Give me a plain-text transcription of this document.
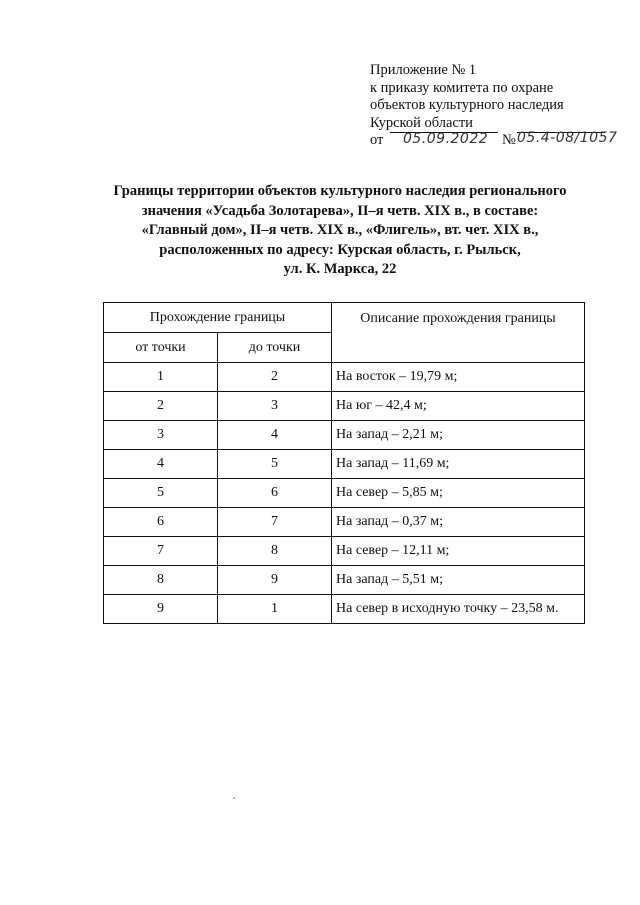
Приложение № 1
к приказу комитета по охране
объектов культурного наследия
Курской области
от 05.09.2022 № 05.4-08/1057
Границы территории объектов культурного наследия регионального
значения «Усадьба Золотарева», II–я четв. XIX в., в составе:
«Главный дом», II–я четв. XIX в., «Флигель», вт. чет. XIX в.,
расположенных по адресу: Курская область, г. Рыльск,
ул. К. Маркса, 22
Прохождение границы		Описание прохождения границы
от точки	до точки	
1	2	На восток – 19,79 м;
2	3	На юг – 42,4 м;
3	4	На запад – 2,21 м;
4	5	На запад – 11,69 м;
5	6	На север – 5,85 м;
6	7	На запад – 0,37 м;
7	8	На север – 12,11 м;
8	9	На запад – 5,51 м;
9	1	На север в исходную точку – 23,58 м.
